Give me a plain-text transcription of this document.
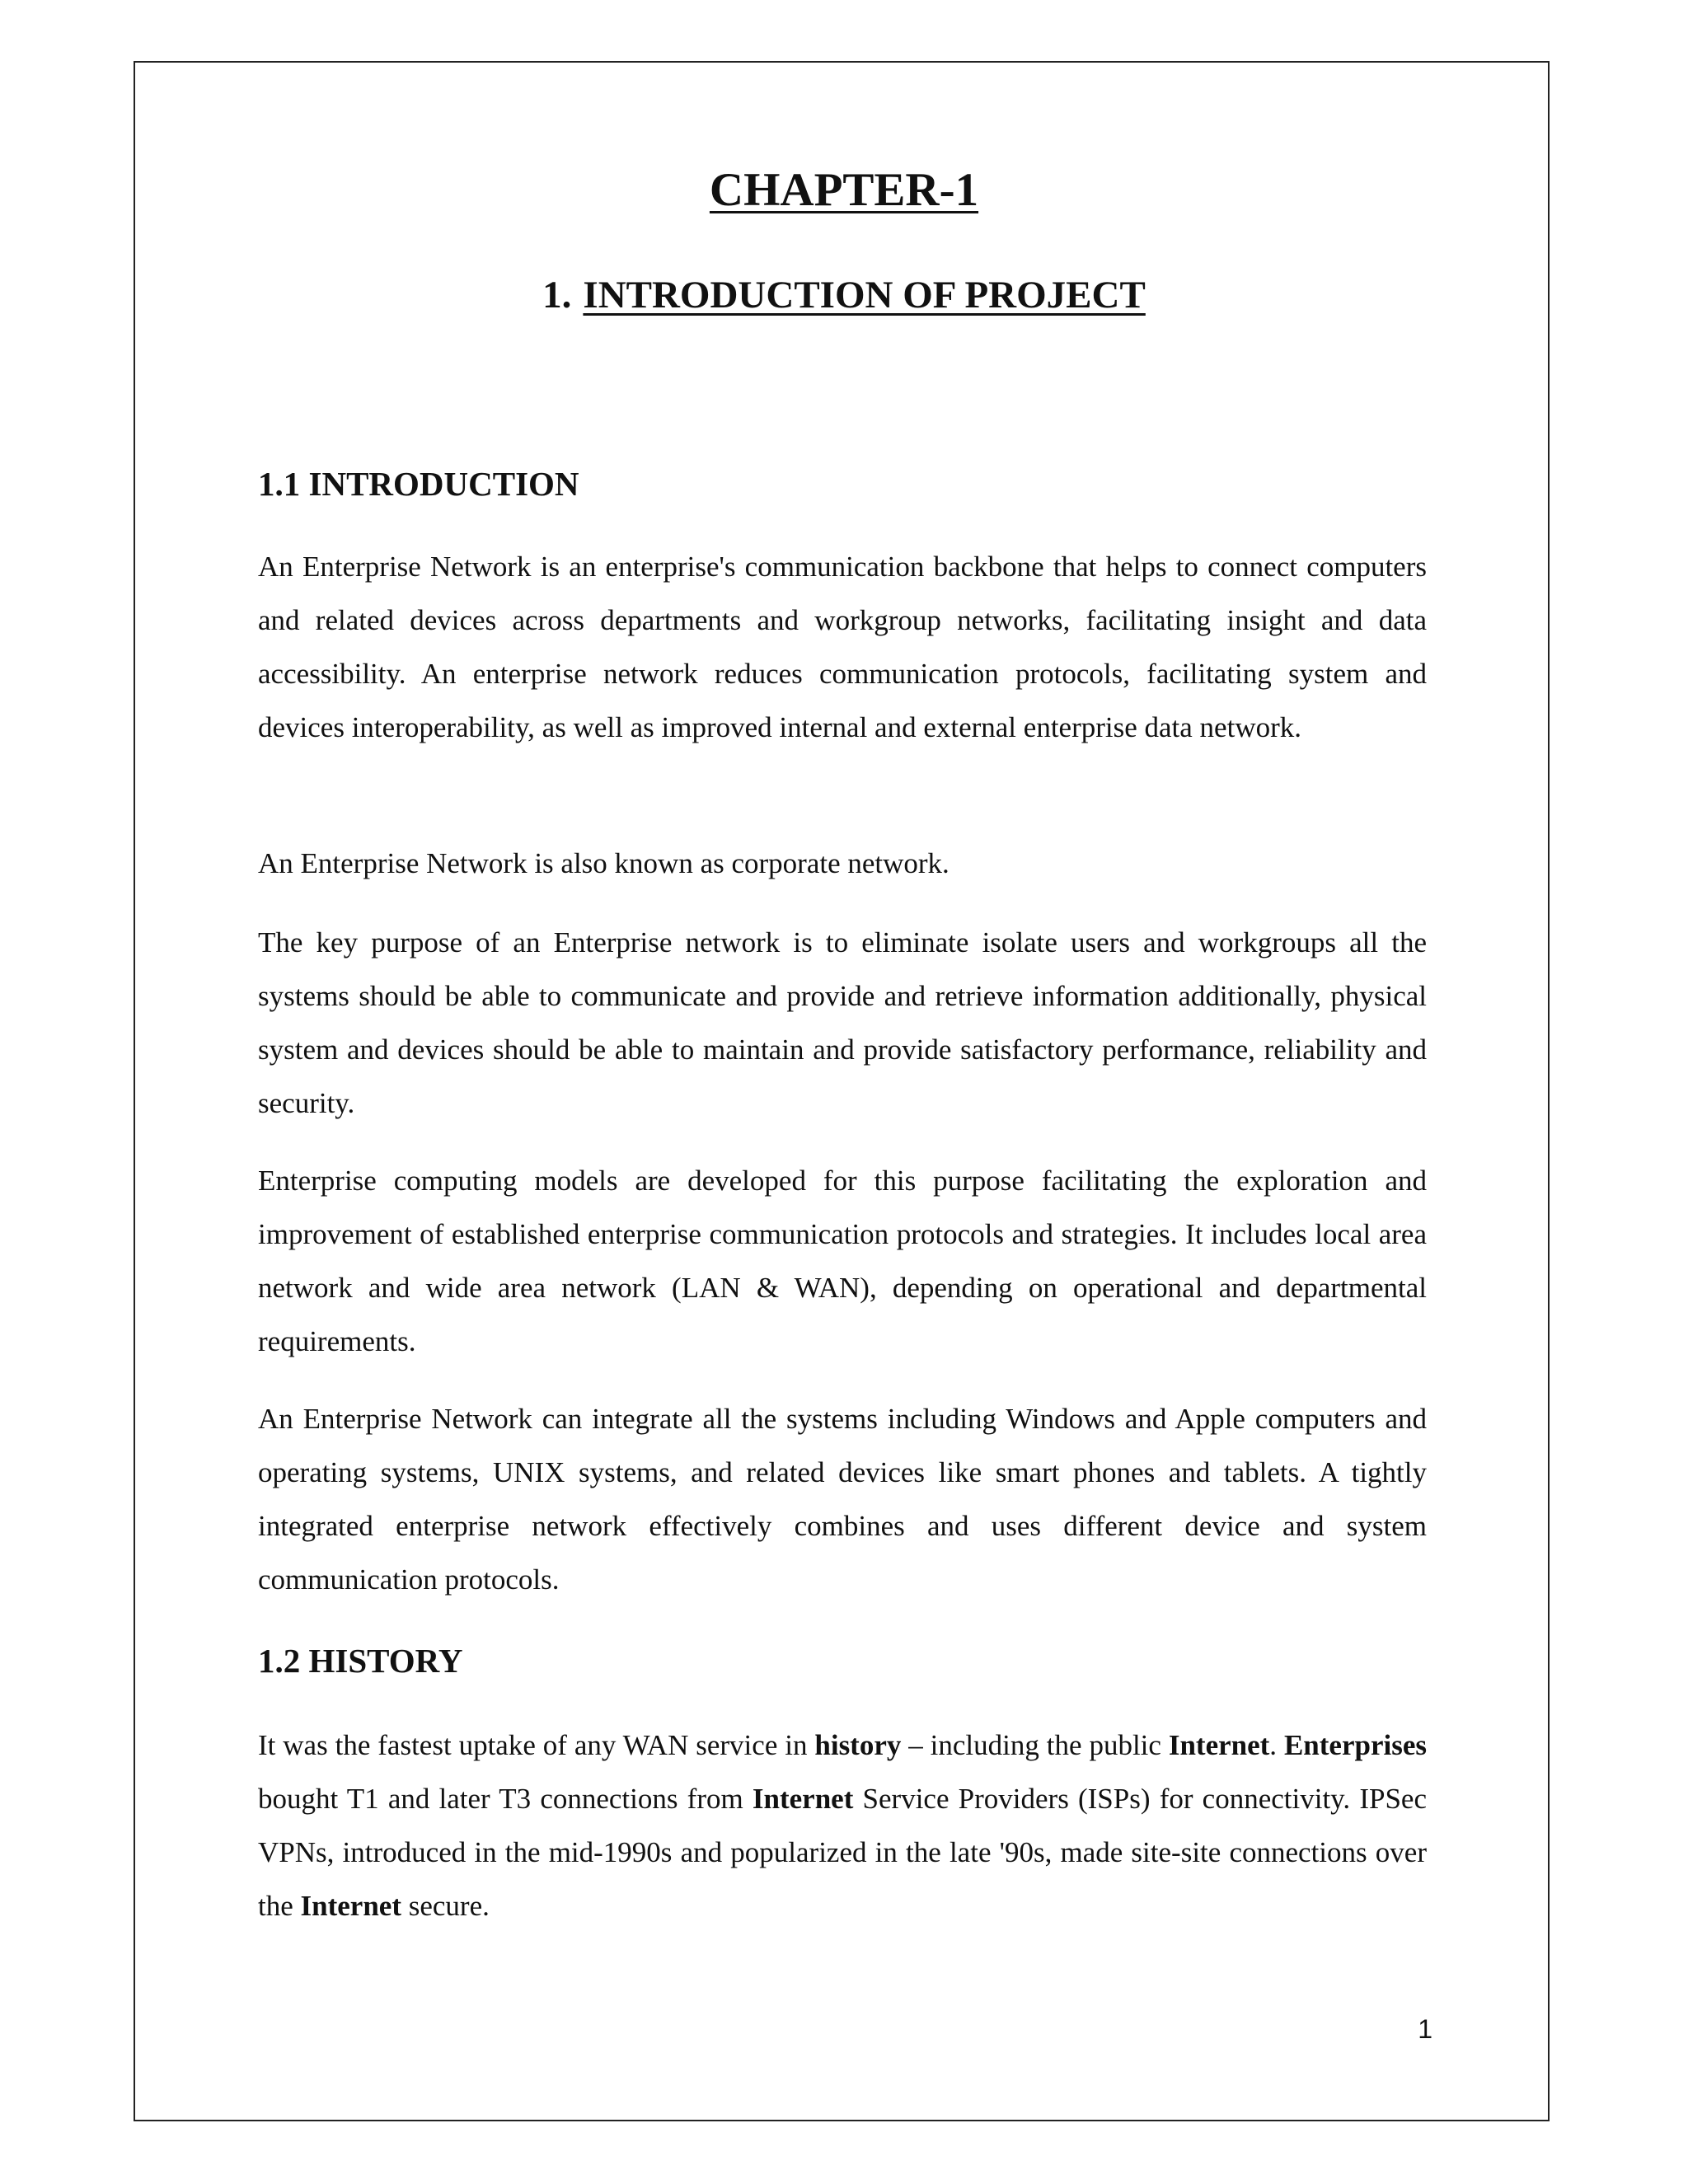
CHAPTER-1
1. INTRODUCTION OF PROJECT
1.1 INTRODUCTION

An Enterprise Network is an enterprise's communication backbone that helps to connect computers and related devices across departments and workgroup networks, facilitating insight and data accessibility. An enterprise network reduces communication protocols, facilitating system and devices interoperability, as well as improved internal and external enterprise data network.

An Enterprise Network is also known as corporate network.

The key purpose of an Enterprise network is to eliminate isolate users and workgroups all the systems should be able to communicate and provide and retrieve information additionally, physical system and devices should be able to maintain and provide satisfactory performance, reliability and security.

Enterprise computing models are developed for this purpose facilitating the exploration and improvement of established enterprise communication protocols and strategies. It includes local area network and wide area network (LAN & WAN), depending on operational and departmental requirements.

An Enterprise Network can integrate all the systems including Windows and Apple computers and operating systems, UNIX systems, and related devices like smart phones and tablets. A tightly integrated enterprise network effectively combines and uses different device and system communication protocols.

1.2 HISTORY

It was the fastest uptake of any WAN service in history – including the public Internet. Enterprises bought T1 and later T3 connections from Internet Service Providers (ISPs) for connectivity. IPSec VPNs, introduced in the mid-1990s and popularized in the late '90s, made site-site connections over the Internet secure.

1
